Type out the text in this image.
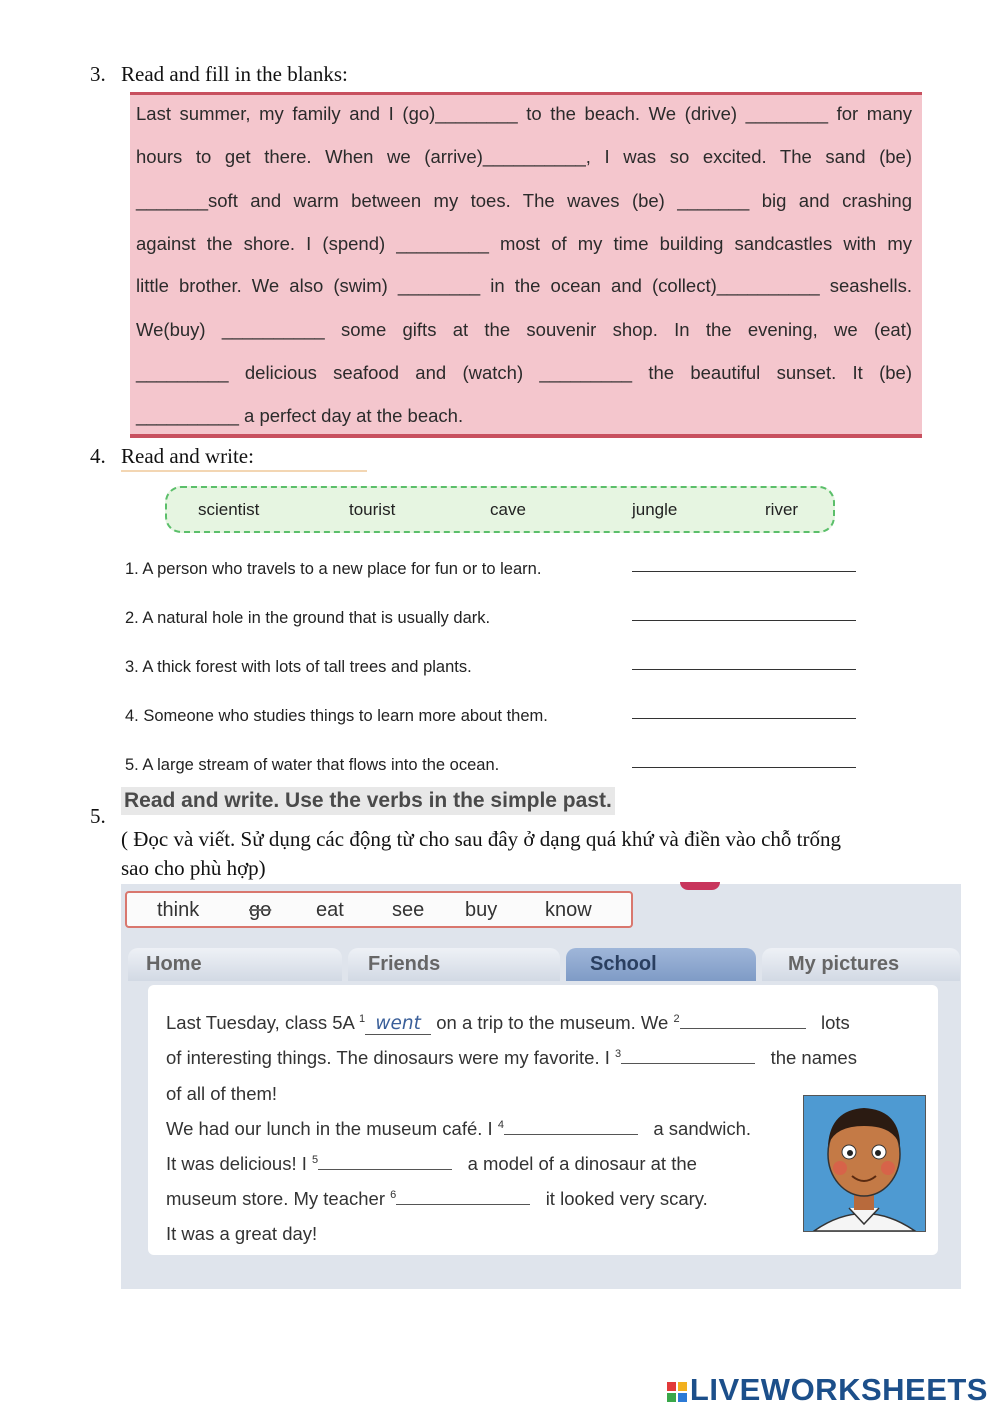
3. Read and fill in the blanks:
Last summer, my family and I (go)________ to the beach. We (drive) ________ for many
hours to get there. When we (arrive)__________, I was so excited. The sand (be)
_______soft and warm between my toes. The waves (be) _______ big and crashing
against the shore. I (spend) _________ most of my time building sandcastles with my
little brother. We also (swim) ________ in the ocean and (collect)__________ seashells.
We(buy) __________ some gifts at the souvenir shop. In the evening, we (eat)
_________ delicious seafood and (watch) _________ the beautiful sunset. It (be)
__________ a perfect day at the beach.
4. Read and write:
scientist	tourist	cave	jungle	river
1. A person who travels to a new place for fun or to learn.
2. A natural hole in the ground that is usually dark.
3. A thick forest with lots of tall trees and plants.
4. Someone who studies things to learn more about them.
5. A large stream of water that flows into the ocean.
5.
Read and write. Use the verbs in the simple past.
( Đọc và viết. Sử dụng các động từ cho sau đây ở dạng quá khứ và điền vào chỗ trống
sao cho phù hợp)
think go eat see buy know
Home	Friends	School	My pictures
Last Tuesday, class 5A $^1$ went on a trip to the museum. We $^2$	lots
of interesting things. The dinosaurs were my favorite. I $^3$	the names
of all of them!
We had our lunch in the museum café. I $^4$	a sandwich.
It was delicious! I $^5$	a model of a dinosaur at the
museum store. My teacher $^6$	it looked very scary.
It was a great day!
LIVEWORKSHEETS
